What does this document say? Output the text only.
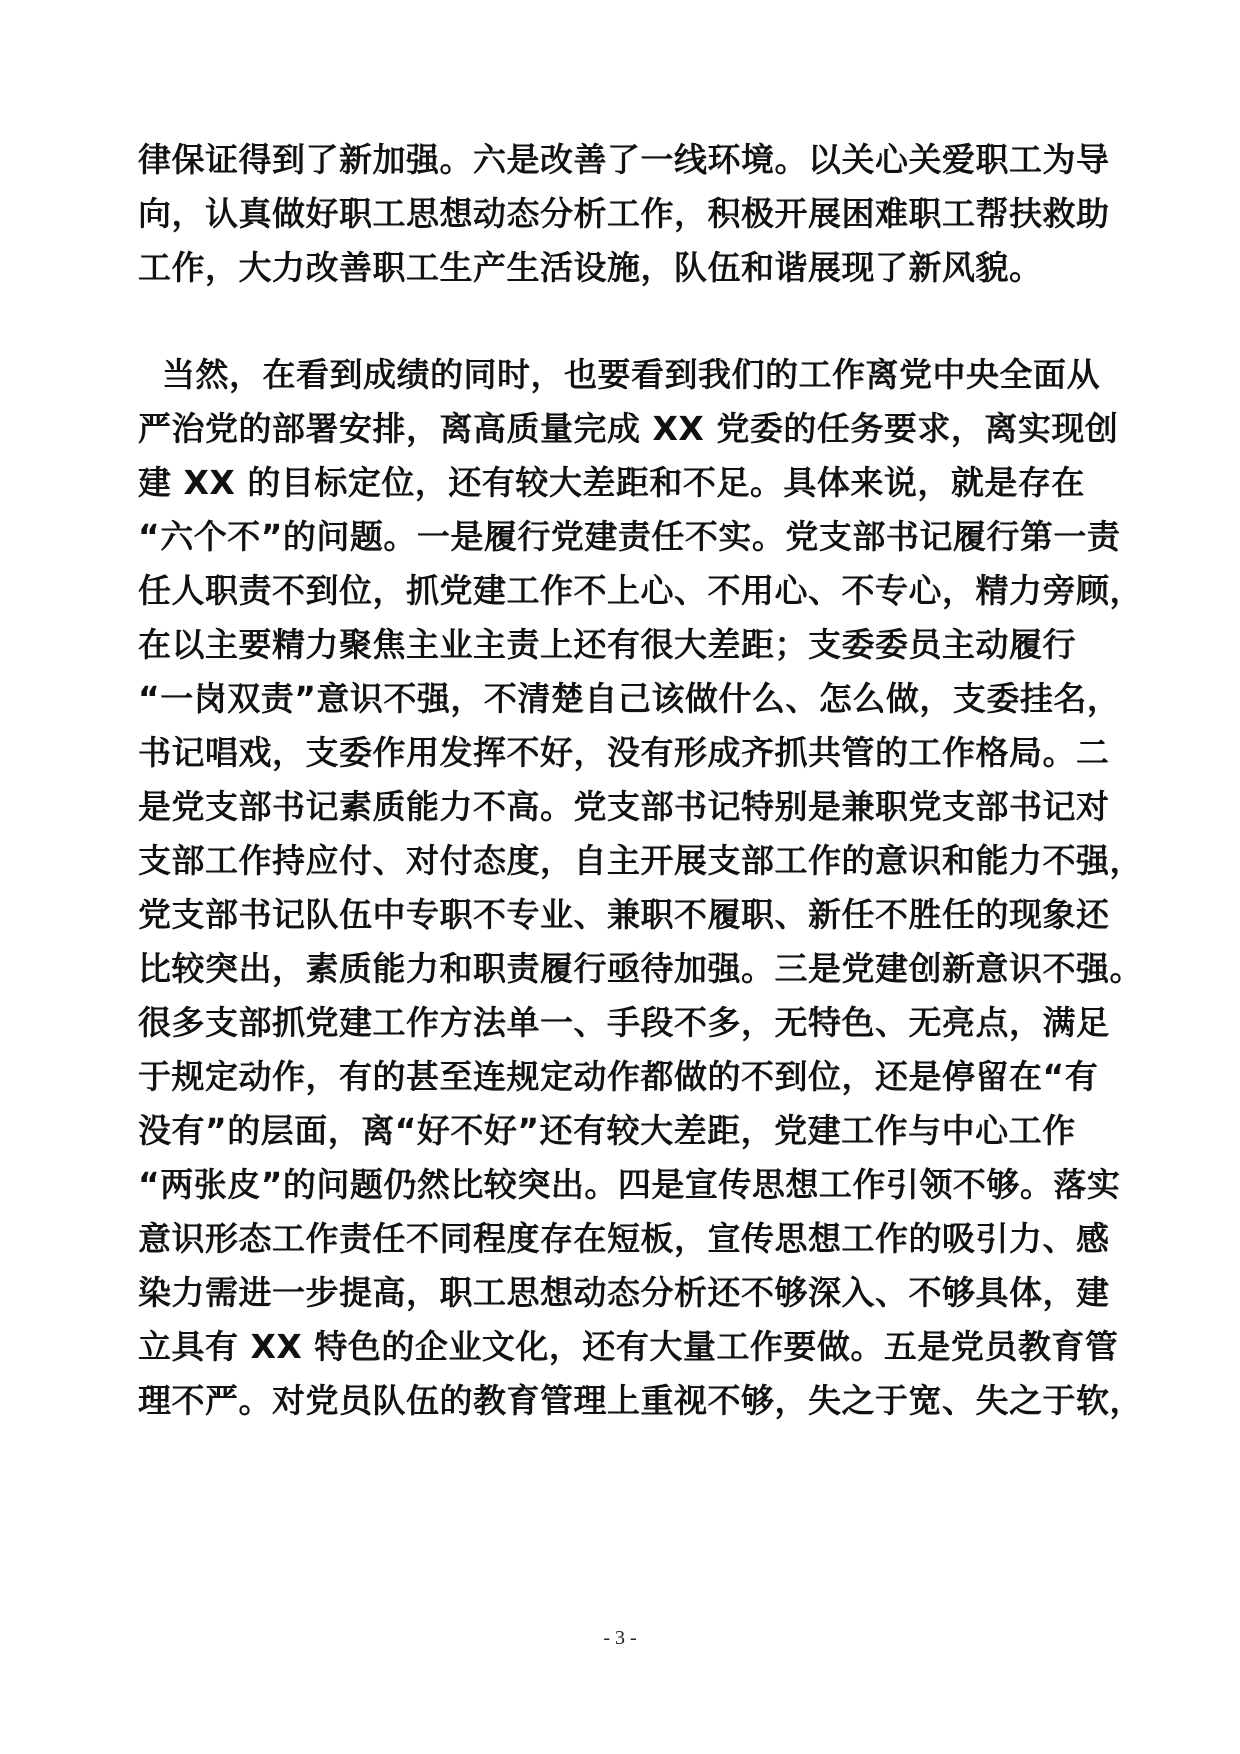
律保证得到了新加强。六是改善了一线环境。以关心关爱职工为导
向，认真做好职工思想动态分析工作，积极开展困难职工帮扶救助
工作，大力改善职工生产生活设施，队伍和谐展现了新风貌。
当然，在看到成绩的同时，也要看到我们的工作离党中央全面从
严治党的部署安排，离高质量完成 XX 党委的任务要求，离实现创
建 XX 的目标定位，还有较大差距和不足。具体来说，就是存在
“六个不”的问题。一是履行党建责任不实。党支部书记履行第一责
任人职责不到位，抓党建工作不上心、不用心、不专心，精力旁顾，
在以主要精力聚焦主业主责上还有很大差距；支委委员主动履行
“一岗双责”意识不强，不清楚自己该做什么、怎么做，支委挂名，
书记唱戏，支委作用发挥不好，没有形成齐抓共管的工作格局。二
是党支部书记素质能力不高。党支部书记特别是兼职党支部书记对
支部工作持应付、对付态度，自主开展支部工作的意识和能力不强，
党支部书记队伍中专职不专业、兼职不履职、新任不胜任的现象还
比较突出，素质能力和职责履行亟待加强。三是党建创新意识不强。
很多支部抓党建工作方法单一、手段不多，无特色、无亮点，满足
于规定动作，有的甚至连规定动作都做的不到位，还是停留在“有
没有”的层面，离“好不好”还有较大差距，党建工作与中心工作
“两张皮”的问题仍然比较突出。四是宣传思想工作引领不够。落实
意识形态工作责任不同程度存在短板，宣传思想工作的吸引力、感
染力需进一步提高，职工思想动态分析还不够深入、不够具体，建
立具有 XX 特色的企业文化，还有大量工作要做。五是党员教育管
理不严。对党员队伍的教育管理上重视不够，失之于宽、失之于软，
- 3 -
